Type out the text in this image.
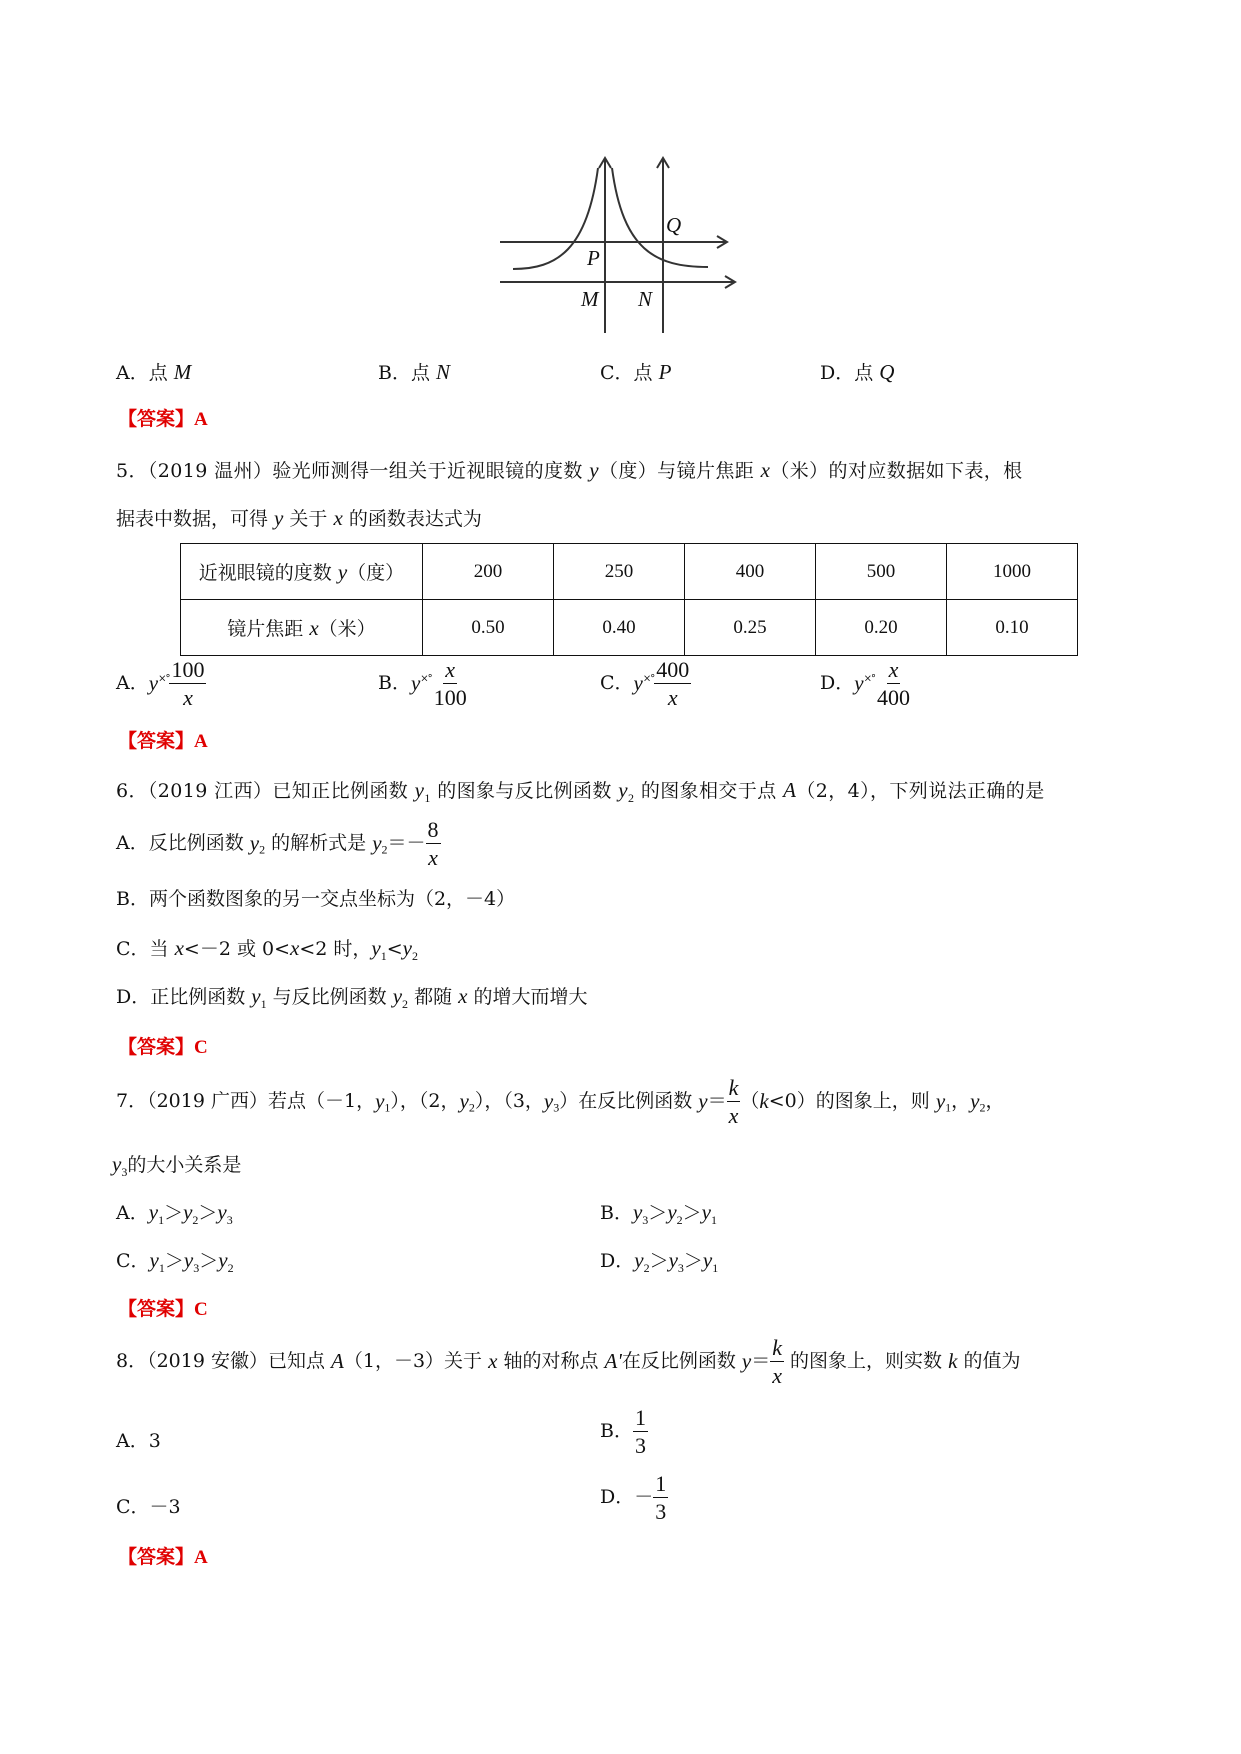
Q
P
M N
A．点 M	B．点 N	C．点 P	D．点 Q
【答案】A
5．（2019 温州）验光师测得一组关于近视眼镜的度数 y（度）与镜片焦距 x（米）的对应数据如下表，根
据表中数据，可得 y 关于 x 的函数表达式为
近视眼镜的度数 y（度）	200	250	400	500	1000
镜片焦距 x（米）	0.50	0.40	0.25	0.20	0.10
A．$y^{\times^\circ} \frac{100}{x}$	B．$y^{\times^\circ} \frac{x}{100}$	C．$y^{\times^\circ} \frac{400}{x}$	D．$y^{\times^\circ} \frac{x}{400}$
【答案】A
6．（2019 江西）已知正比例函数 $y_1$ 的图象与反比例函数 $y_2$ 的图象相交于点 A（2，4），下列说法正确的是
A．反比例函数 $y_2$ 的解析式是 $y_2=- \frac{8}{x}$
B．两个函数图象的另一交点坐标为（2，－4）
C．当 x<－2 或 0<x<2 时，$y_1<y_2$
D．正比例函数 $y_1$ 与反比例函数 $y_2$ 都随 x 的增大而增大
【答案】C
7．（2019 广西）若点（－1，$y_1$），（2，$y_2$），（3，$y_3$）在反比例函数 $y= \frac{k}{x} (k<0)$的图象上，则 $y_1$，$y_2$，
$y_3$的大小关系是
A．$y_1>y_2>y_3$	B．$y_3>y_2>y_1$
C．$y_1>y_3>y_2$	D．$y_2>y_3>y_1$
【答案】C
8．（2019 安徽）已知点 A（1，－3）关于 x 轴的对称点 A'在反比例函数 $y= \frac{k}{x}$ 的图象上，则实数 k 的值为
A．3	B． $\frac{1}{3}$
C．－3	D．－ $\frac{1}{3}$
【答案】A
